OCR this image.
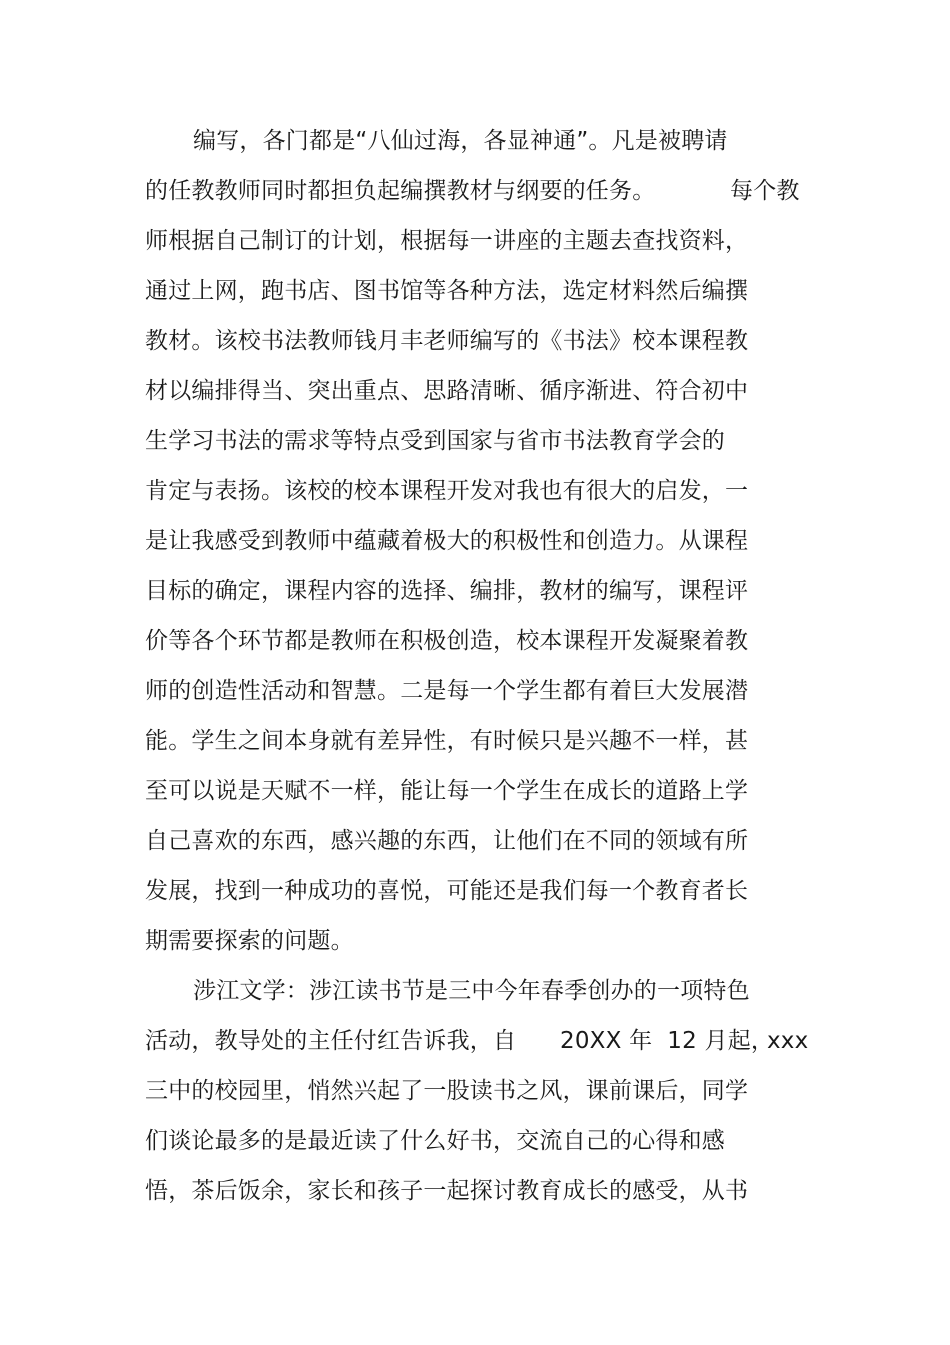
编写，各门都是“八仙过海，各显神通”。凡是被聘请

的任教教师同时都担负起编撰教材与纲要的任务。

	每个教

师根据自己制订的计划，根据每一讲座的主题去查找资料，
通过上网，跑书店、图书馆等各种方法，选定材料然后编撰
教材。该校书法教师钱月丰老师编写的《书法》校本课程教
材以编排得当、突出重点、思路清晰、循序渐进、符合初中
生学习书法的需求等特点受到国家与省市书法教育学会的
肯定与表扬。该校的校本课程开发对我也有很大的启发，一
是让我感受到教师中蕴藏着极大的积极性和创造力。从课程
目标的确定，课程内容的选择、编排，教材的编写，课程评
价等各个环节都是教师在积极创造，校本课程开发凝聚着教
师的创造性活动和智慧。二是每一个学生都有着巨大发展潜
能。学生之间本身就有差异性，有时候只是兴趣不一样，甚
至可以说是天赋不一样，能让每一个学生在成长的道路上学
自己喜欢的东西，感兴趣的东西，让他们在不同的领域有所
发展，找到一种成功的喜悦，可能还是我们每一个教育者长
期需要探索的问题。
涉江文学：涉江读书节是三中今年春季创办的一项特色

活动，教导处的主任付红告诉我，自

20XX 年  12 月起，

xxx

三中的校园里，悄然兴起了一股读书之风，课前课后，同学
们谈论最多的是最近读了什么好书，交流自己的心得和感
悟，茶后饭余，家长和孩子一起探讨教育成长的感受，从书
